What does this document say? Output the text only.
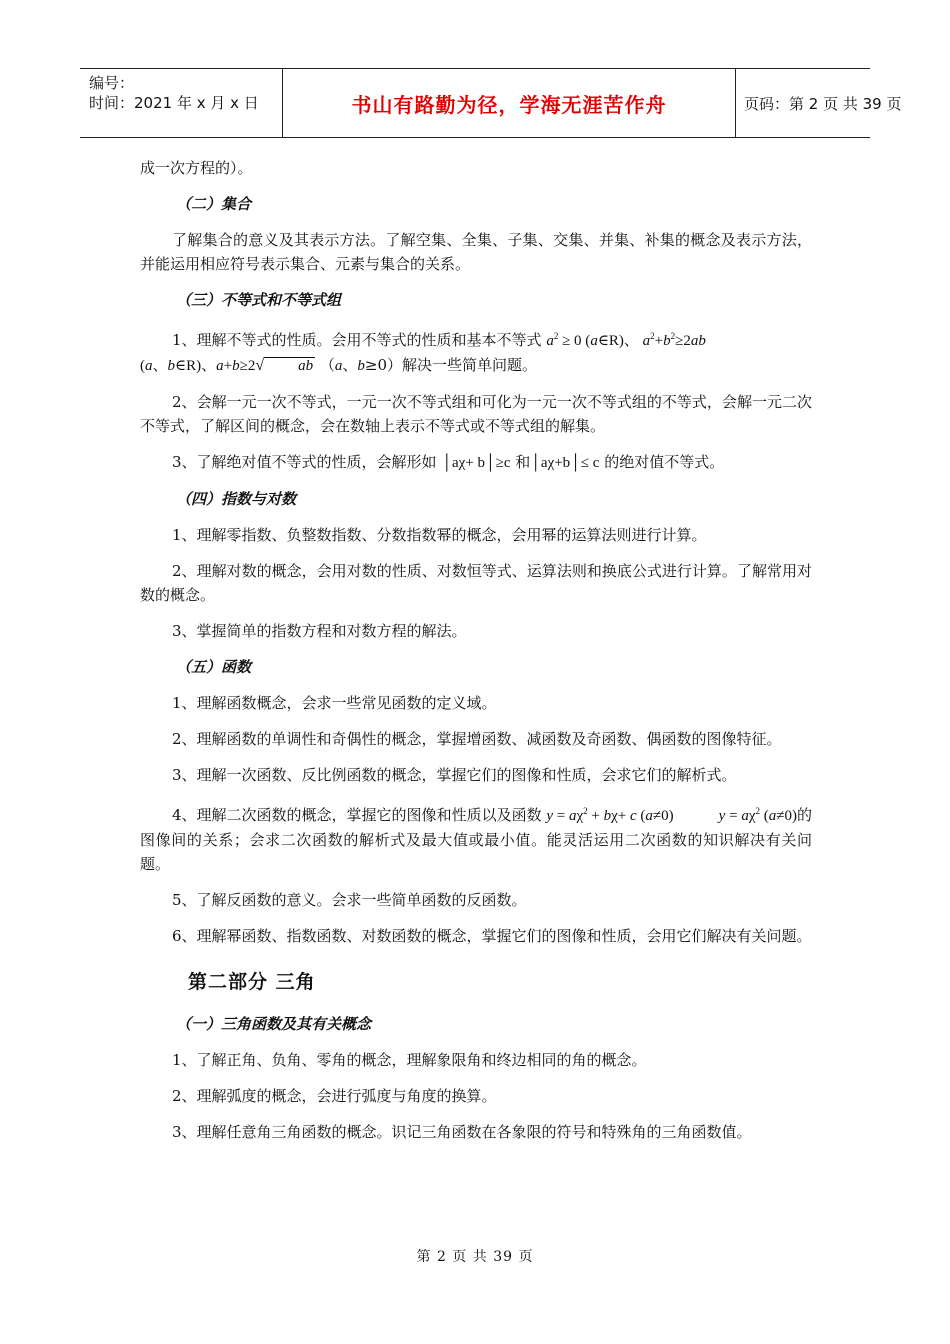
编号：
时间：2021 年 x 月 x 日	书山有路勤为径，学海无涯苦作舟	页码：第 2 页 共 39 页

成一次方程的）。

（二）集合

了解集合的意义及其表示方法。了解空集、全集、子集、交集、并集、补集的概念及表示方法，并能运用相应符号表示集合、元素与集合的关系。

（三）不等式和不等式组

1、理解不等式的性质。会用不等式的性质和基本不等式 $a^2 \ge 0$ (a∈R)、 $a^2+b^2\ge 2ab$
(a、b∈R)、a+b≥2√ ab （a、b≥0）解决一些简单问题。

2、会解一元一次不等式，一元一次不等式组和可化为一元一次不等式组的不等式，会解一元二次不等式，了解区间的概念，会在数轴上表示不等式或不等式组的解集。

3、了解绝对值不等式的性质，会解形如 │aχ+ b│≥c 和│aχ+b│≤ c 的绝对值不等式。

（四）指数与对数

1、理解零指数、负整数指数、分数指数幂的概念，会用幂的运算法则进行计算。

2、理解对数的概念，会用对数的性质、对数恒等式、运算法则和换底公式进行计算。了解常用对数的概念。

3、掌握简单的指数方程和对数方程的解法。

（五）函数

1、理解函数概念，会求一些常见函数的定义域。

2、理解函数的单调性和奇偶性的概念，掌握增函数、减函数及奇函数、偶函数的图像特征。

3、理解一次函数、反比例函数的概念，掌握它们的图像和性质，会求它们的解析式。

4、理解二次函数的概念，掌握它的图像和性质以及函数 $y = a\chi^2 + b\chi+ c$ (a≠0)            $y = a\chi^2$ (a≠0)的图像间的关系；会求二次函数的解析式及最大值或最小值。能灵活运用二次函数的知识解决有关问题。

5、了解反函数的意义。会求一些简单函数的反函数。

6、理解幂函数、指数函数、对数函数的概念，掌握它们的图像和性质，会用它们解决有关问题。

第二部分 三角
（一）三角函数及其有关概念

1、了解正角、负角、零角的概念，理解象限角和终边相同的角的概念。

2、理解弧度的概念，会进行弧度与角度的换算。

3、理解任意角三角函数的概念。识记三角函数在各象限的符号和特殊角的三角函数值。

第 2 页 共 39 页
